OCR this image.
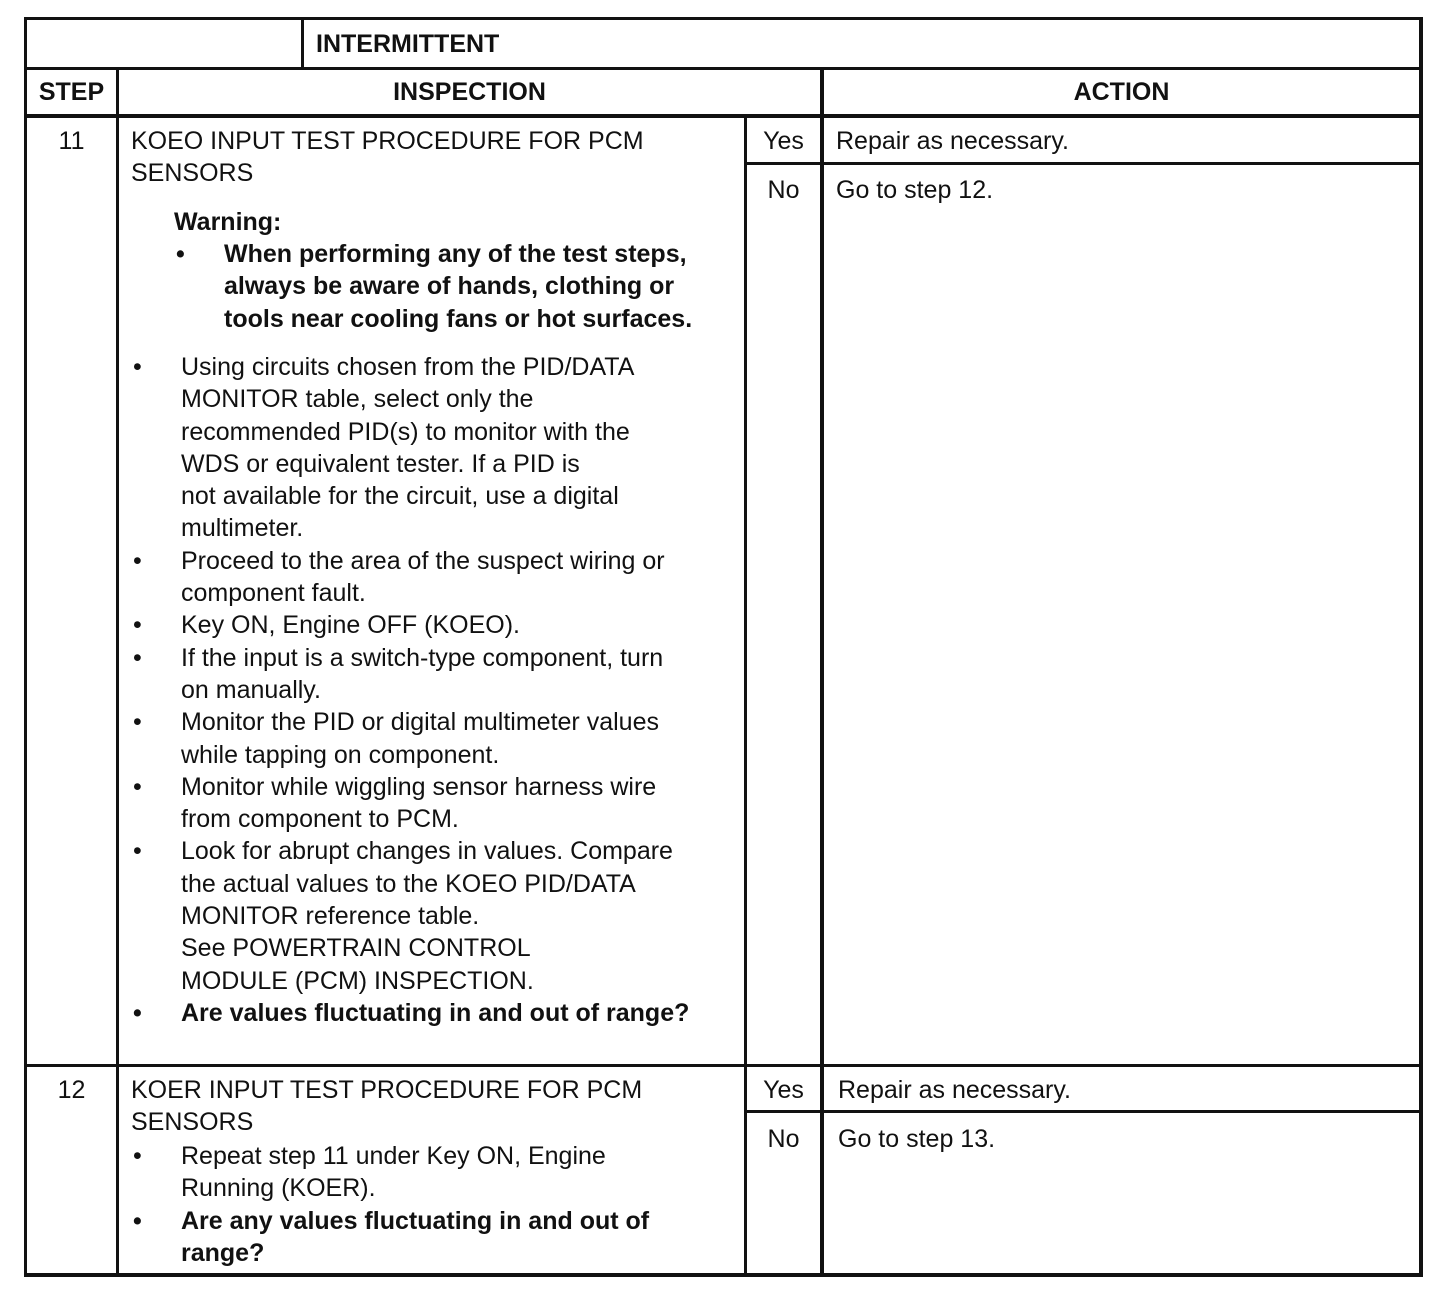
INTERMITTENT
STEP	INSPECTION	ACTION
11	KOEO INPUT TEST PROCEDURE FOR PCM
SENSORS
Warning:
• When performing any of the test steps,
always be aware of hands, clothing or
tools near cooling fans or hot surfaces.
• Using circuits chosen from the PID/DATA
MONITOR table, select only the
recommended PID(s) to monitor with the
WDS or equivalent tester. If a PID is
not available for the circuit, use a digital
multimeter.
• Proceed to the area of the suspect wiring or
component fault.
• Key ON, Engine OFF (KOEO).
• If the input is a switch-type component, turn
on manually.
• Monitor the PID or digital multimeter values
while tapping on component.
• Monitor while wiggling sensor harness wire
from component to PCM.
• Look for abrupt changes in values. Compare
the actual values to the KOEO PID/DATA
MONITOR reference table.
See POWERTRAIN CONTROL
MODULE (PCM) INSPECTION.
• Are values fluctuating in and out of range?
Yes	Repair as necessary.
No	Go to step 12.
12	KOER INPUT TEST PROCEDURE FOR PCM
SENSORS
• Repeat step 11 under Key ON, Engine
Running (KOER).
• Are any values fluctuating in and out of
range?
Yes	Repair as necessary.
No	Go to step 13.
